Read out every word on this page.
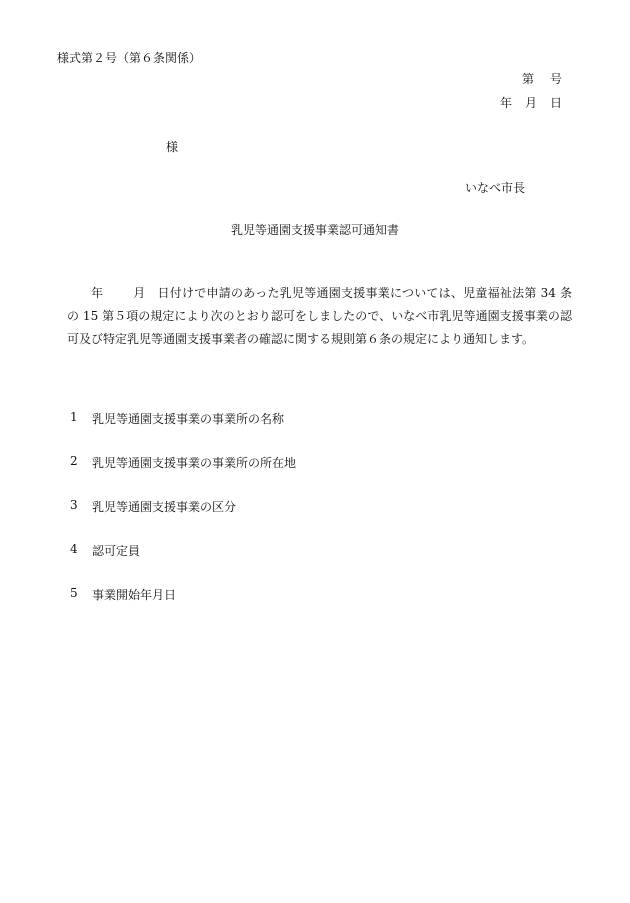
様式第２号（第６条関係）
第 号
年 月 日
様
いなべ市長
乳児等通園支援事業認可通知書
年	月 日付けで申請のあった乳児等通園支援事業については、児童福祉法第 34 条の 15 第５項の規定により次のとおり認可をしましたので、いなべ市乳児等通園支援事業の認可及び特定乳児等通園支援事業者の確認に関する規則第６条の規定により通知します。
1	乳児等通園支援事業の事業所の名称
2	乳児等通園支援事業の事業所の所在地
3	乳児等通園支援事業の区分
4	認可定員
5	事業開始年月日
